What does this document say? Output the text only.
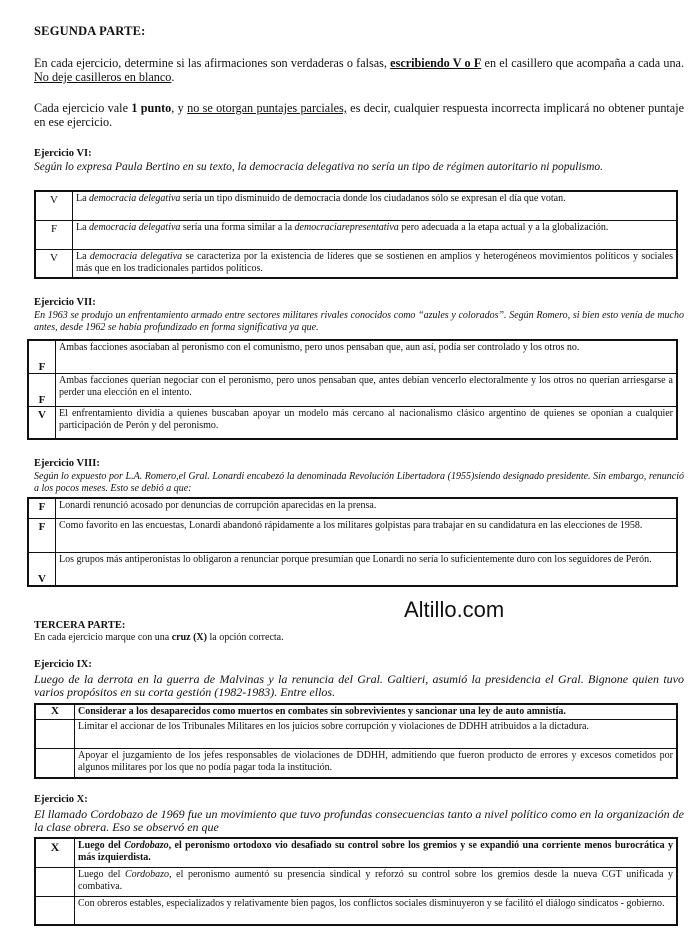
SEGUNDA PARTE:
En cada ejercicio, determine si las afirmaciones son verdaderas o falsas, escribiendo V o F en el casillero que acompaña a cada una. No deje casilleros en blanco.
Cada ejercicio vale 1 punto, y no se otorgan puntajes parciales, es decir, cualquier respuesta incorrecta implicará no obtener puntaje en ese ejercicio.
Ejercicio VI:
Según lo expresa Paula Bertino en su texto, la democracia delegativa no sería un tipo de régimen autoritario ni populismo.
V	La democracia delegativa sería un tipo disminuido de democracia donde los ciudadanos sólo se expresan el día que votan.
F	La democracia delegativa sería una forma similar a la democraciarepresentativa pero adecuada a la etapa actual y a la globalización.
V	La democracia delegativa se caracteriza por la existencia de líderes que se sostienen en amplios y heterogéneos movimientos políticos y sociales más que en los tradicionales partidos políticos.
Ejercicio VII:
En 1963 se produjo un enfrentamiento armado entre sectores militares rivales conocidos como “azules y colorados”. Según Romero, si bien esto venía de mucho antes, desde 1962 se había profundizado en forma significativa ya que.
F	Ambas facciones asociaban al peronismo con el comunismo, pero unos pensaban que, aun así, podía ser controlado y los otros no.
F	Ambas facciones querían negociar con el peronismo, pero unos pensaban que, antes debían vencerlo electoralmente y los otros no querían arriesgarse a perder una elección en el intento.
V	El enfrentamiento dividía a quienes buscaban apoyar un modelo más cercano al nacionalismo clásico argentino de quienes se oponían a cualquier participación de Perón y del peronismo.
Ejercicio VIII:
Según lo expuesto por L.A. Romero,el Gral. Lonardi encabezó la denominada Revolución Libertadora (1955)siendo designado presidente. Sin embargo, renunció a los pocos meses. Esto se debió a que:
F	Lonardi renunció acosado por denuncias de corrupción aparecidas en la prensa.
F	Como favorito en las encuestas, Lonardi abandonó rápidamente a los militares golpistas para trabajar en su candidatura en las elecciones de 1958.
V	Los grupos más antiperonistas lo obligaron a renunciar porque presumían que Lonardi no sería lo suficientemente duro con los seguidores de Perón.
Altillo.com
TERCERA PARTE:
En cada ejercicio marque con una cruz (X) la opción correcta.
Ejercicio IX:
Luego de la derrota en la guerra de Malvinas y la renuncia del Gral. Galtieri, asumió la presidencia el Gral. Bignone quien tuvo varios propósitos en su corta gestión (1982-1983). Entre ellos.
X	Considerar a los desaparecidos como muertos en combates sin sobrevivientes y sancionar una ley de auto amnistía.
	Limitar el accionar de los Tribunales Militares en los juicios sobre corrupción y violaciones de DDHH atribuidos a la dictadura.
	Apoyar el juzgamiento de los jefes responsables de violaciones de DDHH, admitiendo que fueron producto de errores y excesos cometidos por algunos militares por los que no podía pagar toda la institución.
Ejercicio X:
El llamado Cordobazo de 1969 fue un movimiento que tuvo profundas consecuencias tanto a nivel político como en la organización de la clase obrera. Eso se observó en que
X	Luego del Cordobazo, el peronismo ortodoxo vio desafiado su control sobre los gremios y se expandió una corriente menos burocrática y más izquierdista.
	Luego del Cordobazo, el peronismo aumentó su presencia sindical y reforzó su control sobre los gremios desde la nueva CGT unificada y combativa.
	Con obreros estables, especializados y relativamente bien pagos, los conflictos sociales disminuyeron y se facilitó el diálogo sindicatos - gobierno.
